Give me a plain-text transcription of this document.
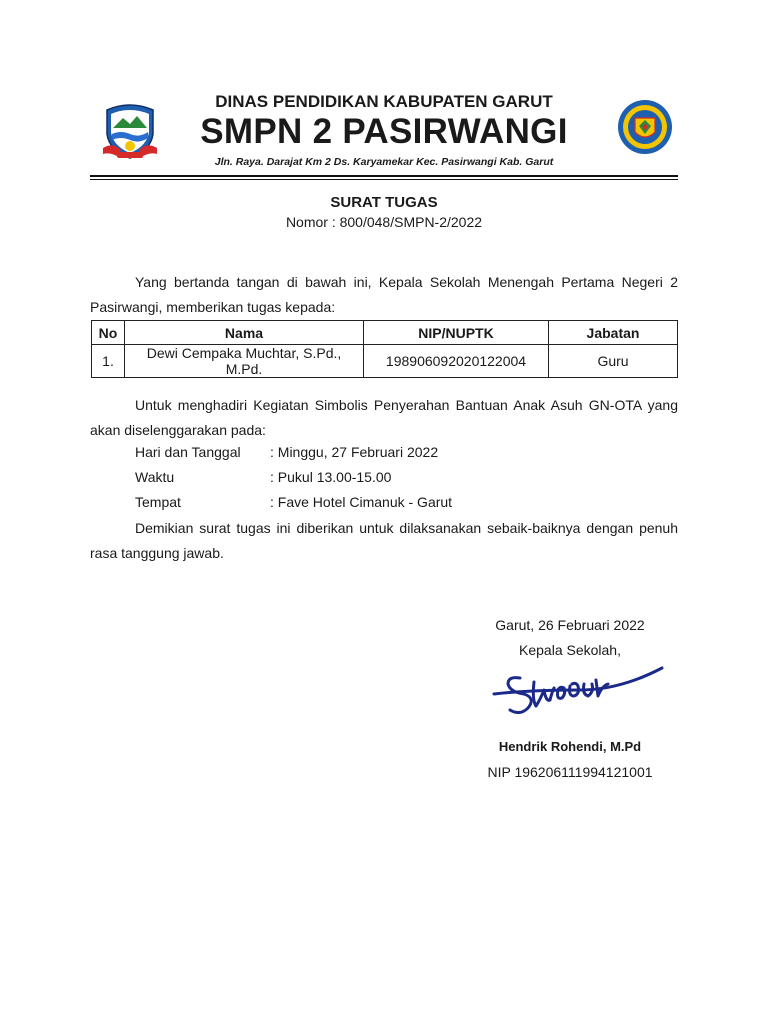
DINAS PENDIDIKAN KABUPATEN GARUT
SMPN 2 PASIRWANGI
Jln. Raya. Darajat Km 2 Ds. Karyamekar Kec. Pasirwangi Kab. Garut
SURAT TUGAS
Nomor : 800/048/SMPN-2/2022
Yang bertanda tangan di bawah ini, Kepala Sekolah Menengah Pertama Negeri 2 Pasirwangi, memberikan tugas kepada:
No	Nama	NIP/NUPTK	Jabatan
1.	Dewi Cempaka Muchtar, S.Pd., M.Pd.	198906092020122004	Guru
Untuk menghadiri Kegiatan Simbolis Penyerahan Bantuan Anak Asuh GN-OTA yang akan diselenggarakan pada:
Hari dan Tanggal : Minggu, 27 Februari 2022
Waktu	: Pukul 13.00-15.00
Tempat	: Fave Hotel Cimanuk - Garut
Demikian surat tugas ini diberikan untuk dilaksanakan sebaik-baiknya dengan penuh rasa tanggung jawab.
Garut, 26 Februari 2022
Kepala Sekolah,
Hendrik Rohendi, M.Pd
NIP 196206111994121001
